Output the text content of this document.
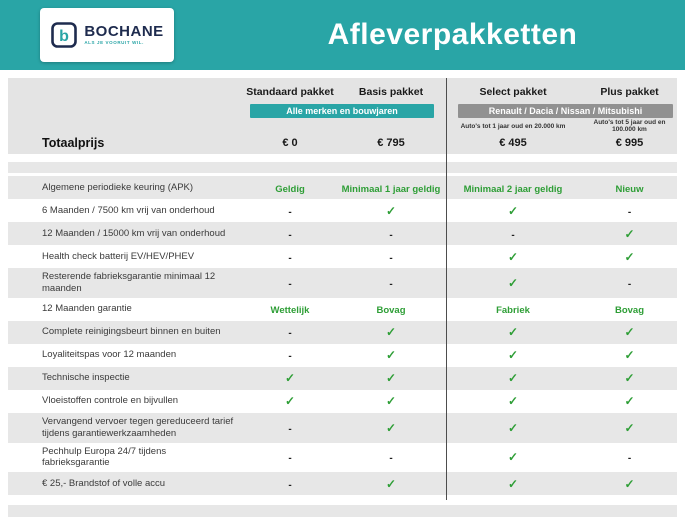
b BOCHANE
ALS JE VOORUIT WIL.	Afleverpakketten
Standaard pakket	Basis pakket	Select pakket	Plus pakket
Alle merken en bouwjaren	Renault / Dacia / Nissan / Mitsubishi
Auto's tot 1 jaar oud en 20.000 km	Auto's tot 5 jaar oud en 100.000 km
Totaalprijs	€ 0	€ 795	€ 495	€ 995
Algemene periodieke keuring (APK)	Geldig	Minimaal 1 jaar geldig	Minimaal 2 jaar geldig	Nieuw
6 Maanden / 7500 km vrij van onderhoud	-	✓	✓	-
12 Maanden / 15000 km vrij van onderhoud	-	-	-	✓
Health check batterij EV/HEV/PHEV	-	-	✓	✓
Resterende fabrieksgarantie minimaal 12 maanden	-	-	✓	-
12 Maanden garantie	Wettelijk	Bovag	Fabriek	Bovag
Complete reinigingsbeurt binnen en buiten	-	✓	✓	✓
Loyaliteitspas voor 12 maanden	-	✓	✓	✓
Technische inspectie	✓	✓	✓	✓
Vloeistoffen controle en bijvullen	✓	✓	✓	✓
Vervangend vervoer tegen gereduceerd tarief tijdens garantiewerkzaamheden	-	✓	✓	✓
Pechhulp Europa 24/7 tijdens fabrieksgarantie	-	-	✓	-
€ 25,- Brandstof of volle accu	-	✓	✓	✓
